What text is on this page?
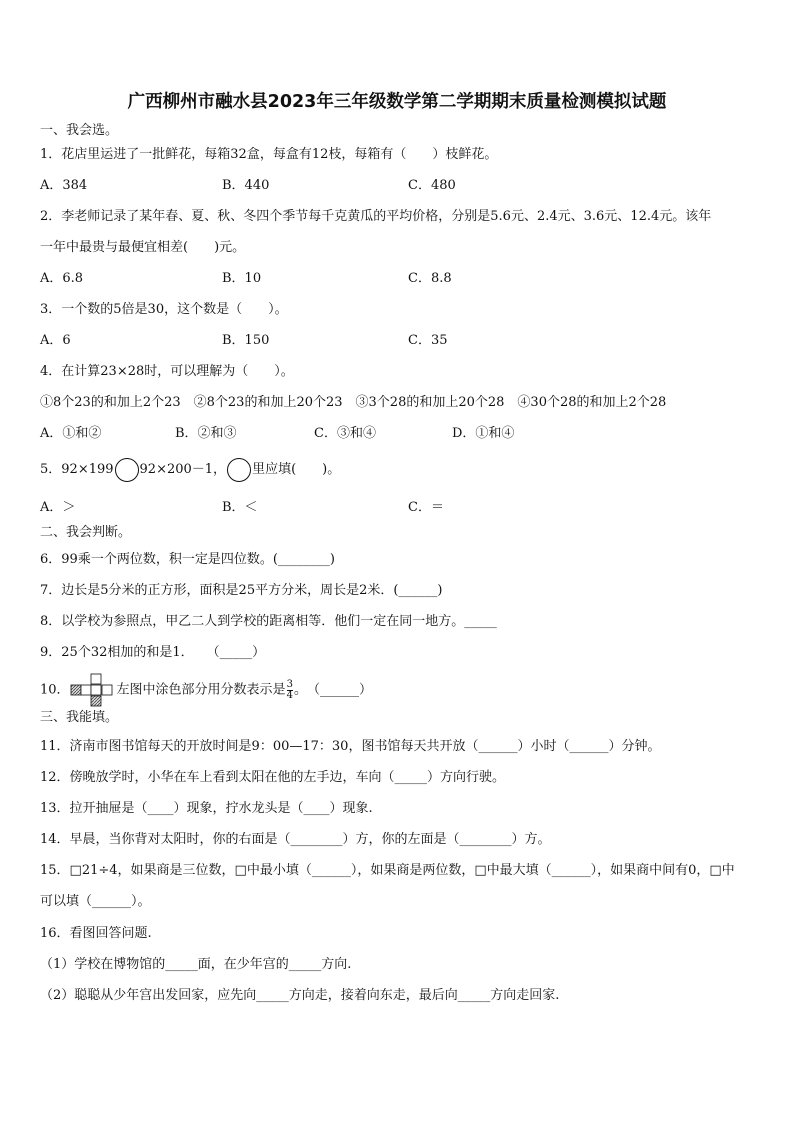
广西柳州市融水县2023年三年级数学第二学期期末质量检测模拟试题
一、我会选。
1．花店里运进了一批鲜花，每箱32盒，每盒有12枝，每箱有（　　）枝鲜花。
A．384	B．440	C．480
2．李老师记录了某年春、夏、秋、冬四个季节每千克黄瓜的平均价格，分别是5.6元、2.4元、3.6元、12.4元。该年
一年中最贵与最便宜相差(　　)元。
A．6.8	B．10	C．8.8
3．一个数的5倍是30，这个数是（　　）。
A．6	B．150	C．35
4．在计算23×28时，可以理解为（　　）。
①8个23的和加上2个23　②8个23的和加上20个23　③3个28的和加上20个28　④30个28的和加上2个28
A．①和②	B．②和③	C．③和④	D．①和④
5．92×199 92×200－1， 里应填(　　)。
A．＞	B．＜	C．＝
二、我会判断。
6．99乘一个两位数，积一定是四位数。(________)
7．边长是5分米的正方形，面积是25平方分米，周长是2米．(______)
8．以学校为参照点，甲乙二人到学校的距离相等．他们一定在同一地方。_____
9．25个32相加的和是1．　　（_____）
10．	左图中涂色部分用分数表示是 $\frac{3}{4}$ 。　（______）
三、我能填。
11．济南市图书馆每天的开放时间是9：00—17：30，图书馆每天共开放（______）小时（______）分钟。
12．傍晚放学时，小华在车上看到太阳在他的左手边，车向（_____）方向行驶。
13．拉开抽屉是（____）现象，拧水龙头是（____）现象.
14．早晨，当你背对太阳时，你的右面是（________）方，你的左面是（________）方。
15．□21÷4，如果商是三位数，□中最小填（______），如果商是两位数，□中最大填（______），如果商中间有0，□中
可以填（______）。
16．看图回答问题.
（1）学校在博物馆的_____面，在少年宫的_____方向.
（2）聪聪从少年宫出发回家，应先向_____方向走，接着向东走，最后向_____方向走回家.
